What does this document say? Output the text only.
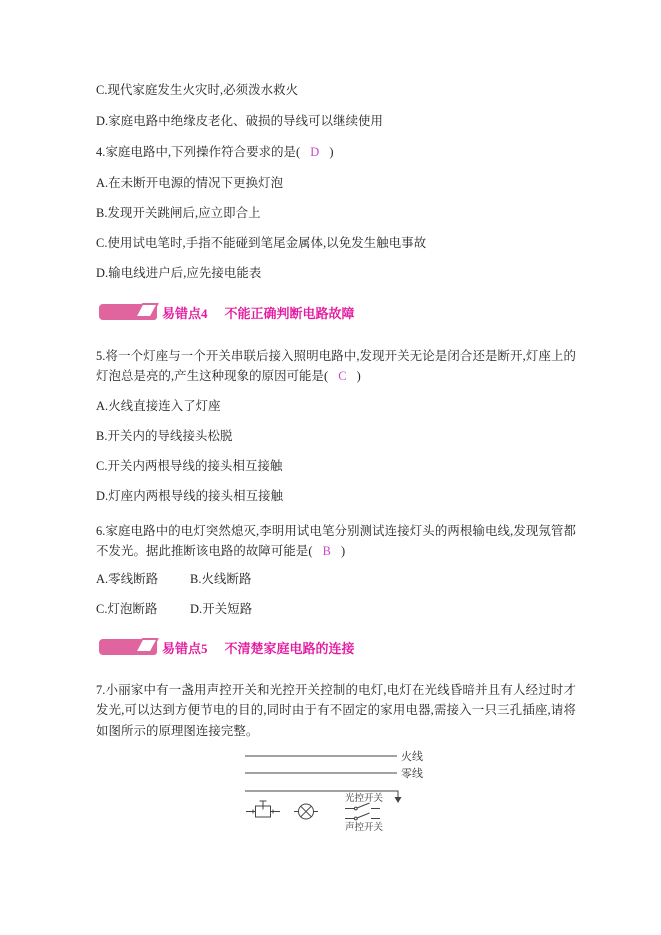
C.现代家庭发生火灾时,必须泼水救火
D.家庭电路中绝缘皮老化、破损的导线可以继续使用
4.家庭电路中,下列操作符合要求的是( D )
A.在未断开电源的情况下更换灯泡
B.发现开关跳闸后,应立即合上
C.使用试电笔时,手指不能碰到笔尾金属体,以免发生触电事故
D.输电线进户后,应先接电能表
易错点4 不能正确判断电路故障
5.将一个灯座与一个开关串联后接入照明电路中,发现开关无论是闭合还是断开,灯座上的灯泡总是亮的,产生这种现象的原因可能是( C )
A.火线直接连入了灯座
B.开关内的导线接头松脱
C.开关内两根导线的接头相互接触
D.灯座内两根导线的接头相互接触
6.家庭电路中的电灯突然熄灭,李明用试电笔分别测试连接灯头的两根输电线,发现氖管都不发光。据此推断该电路的故障可能是( B )
A.零线断路	B.火线断路
C.灯泡断路	D.开关短路
易错点5 不清楚家庭电路的连接
7.小丽家中有一盏用声控开关和光控开关控制的电灯,电灯在光线昏暗并且有人经过时才发光,可以达到方便节电的目的,同时由于有不固定的家用电器,需接入一只三孔插座,请将如图所示的原理图连接完整。
火线
零线
光控开关
声控开关
